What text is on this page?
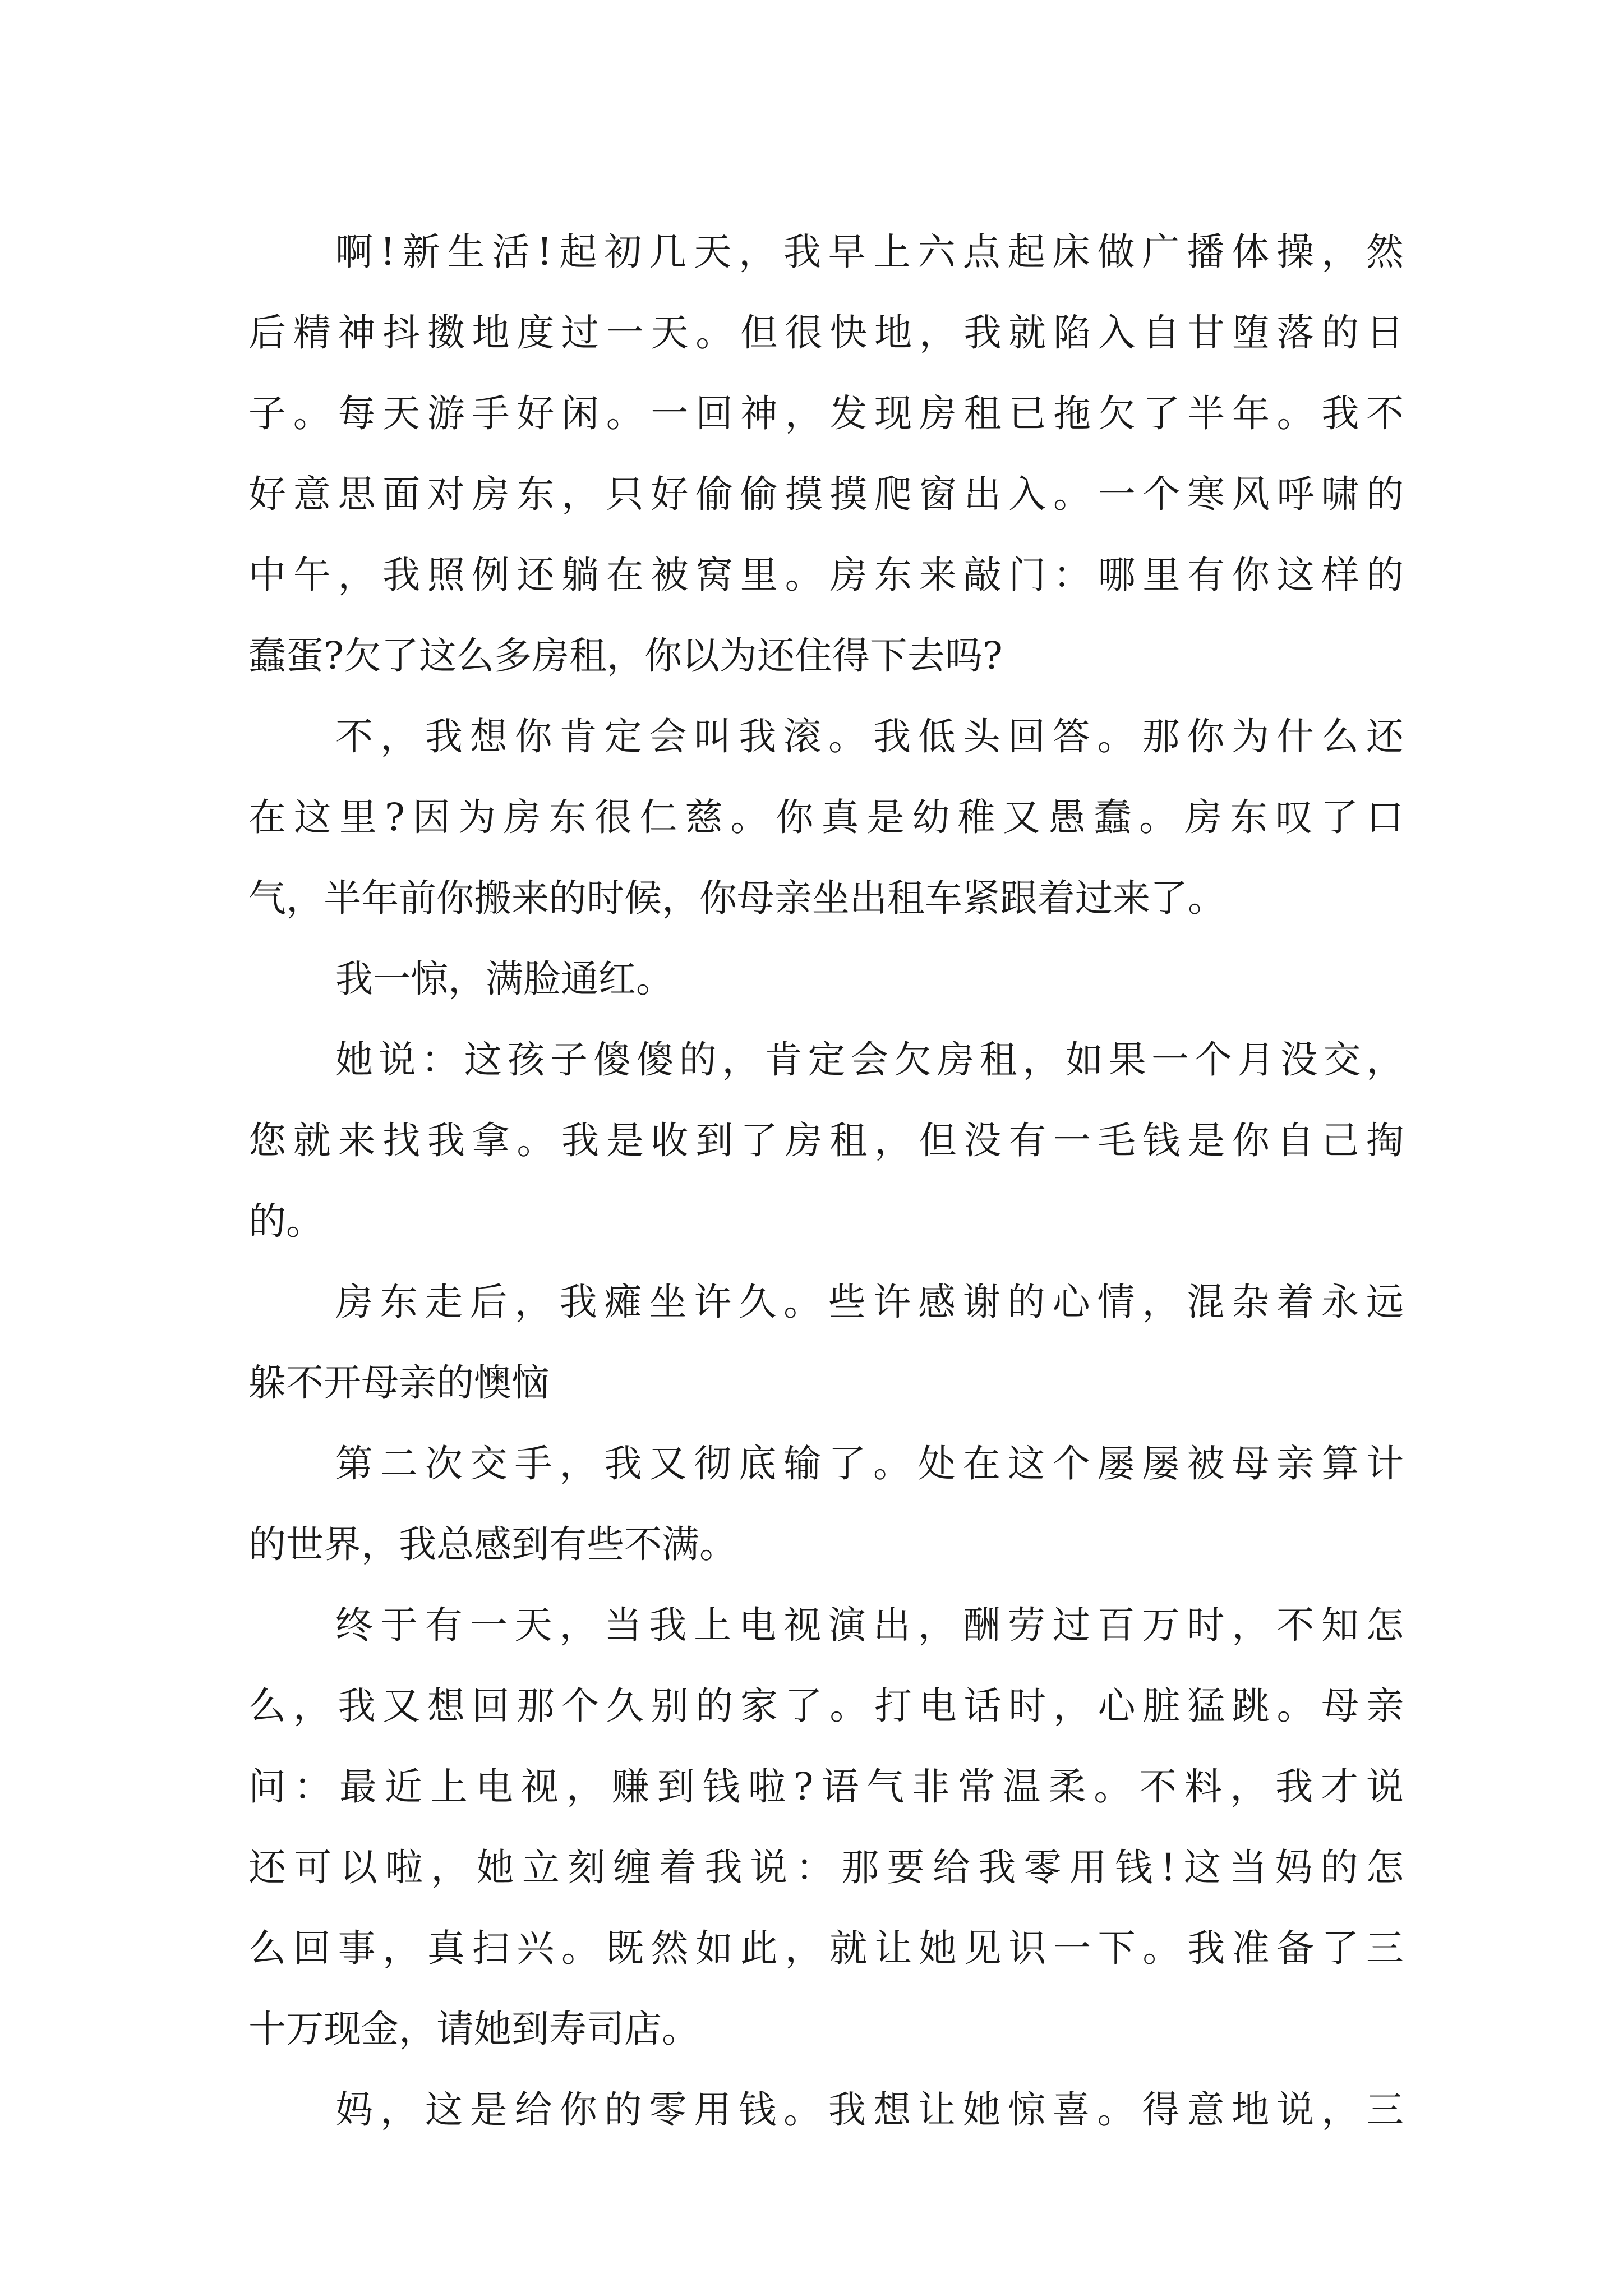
啊!新生活!起初几天，我早上六点起床做广播体操，然
后精神抖擞地度过一天。但很快地，我就陷入自甘堕落的日
子。每天游手好闲。一回神，发现房租已拖欠了半年。我不
好意思面对房东，只好偷偷摸摸爬窗出入。一个寒风呼啸的
中午，我照例还躺在被窝里。房东来敲门：哪里有你这样的
蠢蛋?欠了这么多房租，你以为还住得下去吗?
不，我想你肯定会叫我滚。我低头回答。那你为什么还
在这里?因为房东很仁慈。你真是幼稚又愚蠢。房东叹了口
气，半年前你搬来的时候，你母亲坐出租车紧跟着过来了。
我一惊，满脸通红。
她说：这孩子傻傻的，肯定会欠房租，如果一个月没交，
您就来找我拿。我是收到了房租，但没有一毛钱是你自己掏
的。
房东走后，我瘫坐许久。些许感谢的心情，混杂着永远
躲不开母亲的懊恼
第二次交手，我又彻底输了。处在这个屡屡被母亲算计
的世界，我总感到有些不满。
终于有一天，当我上电视演出，酬劳过百万时，不知怎
么，我又想回那个久别的家了。打电话时，心脏猛跳。母亲
问：最近上电视，赚到钱啦?语气非常温柔。不料，我才说
还可以啦，她立刻缠着我说：那要给我零用钱!这当妈的怎
么回事，真扫兴。既然如此，就让她见识一下。我准备了三
十万现金，请她到寿司店。
妈，这是给你的零用钱。我想让她惊喜。得意地说，三
